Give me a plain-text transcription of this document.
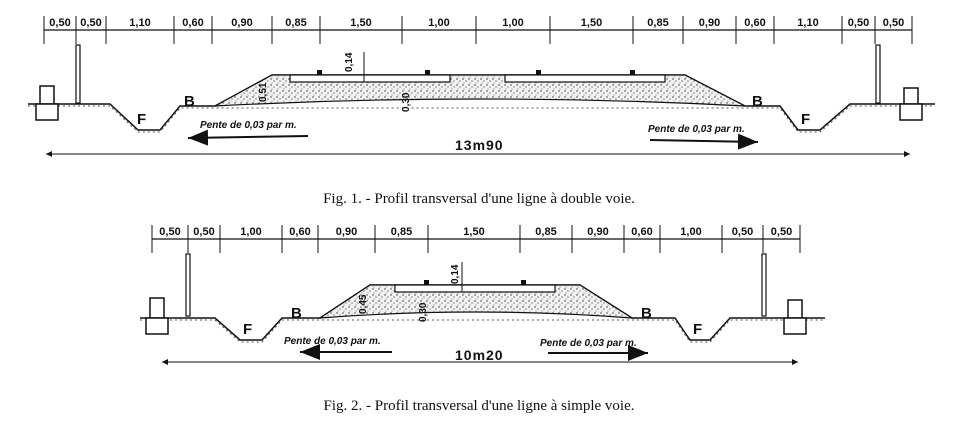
0,50 0,50	1,10	0,60	0,90	0,85	1,50	1,00	1,00	1,50	0,85	0,90 0,60	1,10	0,50 0,50
0,14
0,51
0,30
F
B	B
F
Pente de 0,03 par m.	Pente de 0,03 par m.
13m90
0,50 0,50 1,00	0,60 0,90	0,85	1,50	0,85	0,90 0,60	1,00	0,50 0,50
0,14
0,45	0,30
F
B	B
F
Pente de 0,03 par m.	Pente de 0,03 par m.
10m20
Fig. 1. - Profil transversal d'une ligne à double voie.
Fig. 2. - Profil transversal d'une ligne à simple voie.
